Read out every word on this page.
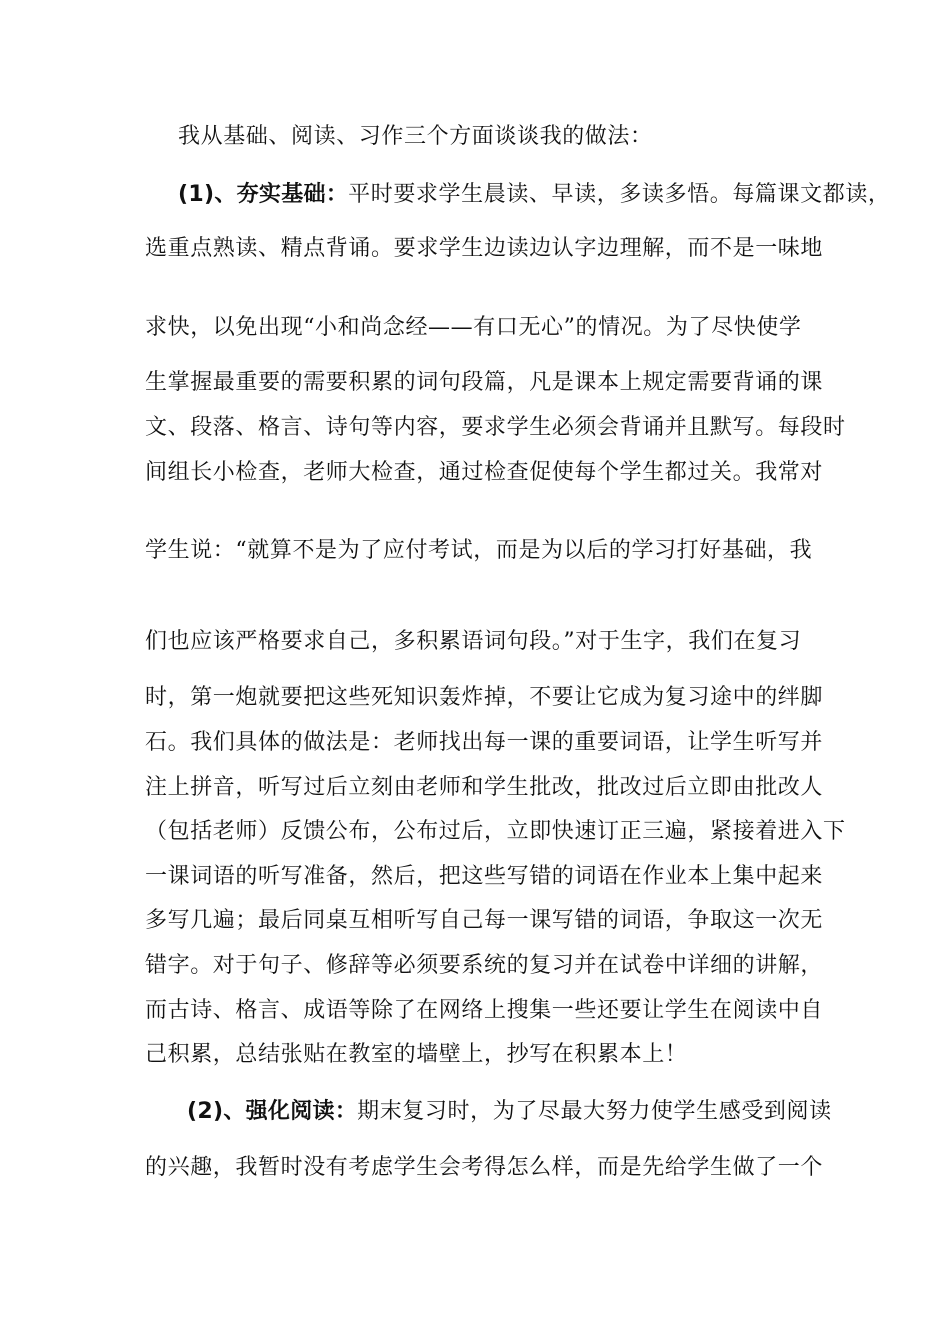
我从基础、阅读、习作三个方面谈谈我的做法：
(1)、夯实基础：平时要求学生晨读、早读，多读多悟。每篇课文都读，
选重点熟读、精点背诵。要求学生边读边认字边理解，而不是一味地
求快，以免出现“小和尚念经——有口无心”的情况。为了尽快使学
生掌握最重要的需要积累的词句段篇，凡是课本上规定需要背诵的课
文、段落、格言、诗句等内容，要求学生必须会背诵并且默写。每段时
间组长小检查，老师大检查，通过检查促使每个学生都过关。我常对
学生说：“就算不是为了应付考试，而是为以后的学习打好基础，我
们也应该严格要求自己，多积累语词句段。”对于生字，我们在复习
时，第一炮就要把这些死知识轰炸掉，不要让它成为复习途中的绊脚
石。我们具体的做法是：老师找出每一课的重要词语，让学生听写并
注上拼音，听写过后立刻由老师和学生批改，批改过后立即由批改人
（包括老师）反馈公布，公布过后，立即快速订正三遍，紧接着进入下
一课词语的听写准备，然后，把这些写错的词语在作业本上集中起来
多写几遍；最后同桌互相听写自己每一课写错的词语，争取这一次无
错字。对于句子、修辞等必须要系统的复习并在试卷中详细的讲解，
而古诗、格言、成语等除了在网络上搜集一些还要让学生在阅读中自
己积累，总结张贴在教室的墙壁上，抄写在积累本上！
(2)、强化阅读：期末复习时，为了尽最大努力使学生感受到阅读
的兴趣，我暂时没有考虑学生会考得怎么样，而是先给学生做了一个
